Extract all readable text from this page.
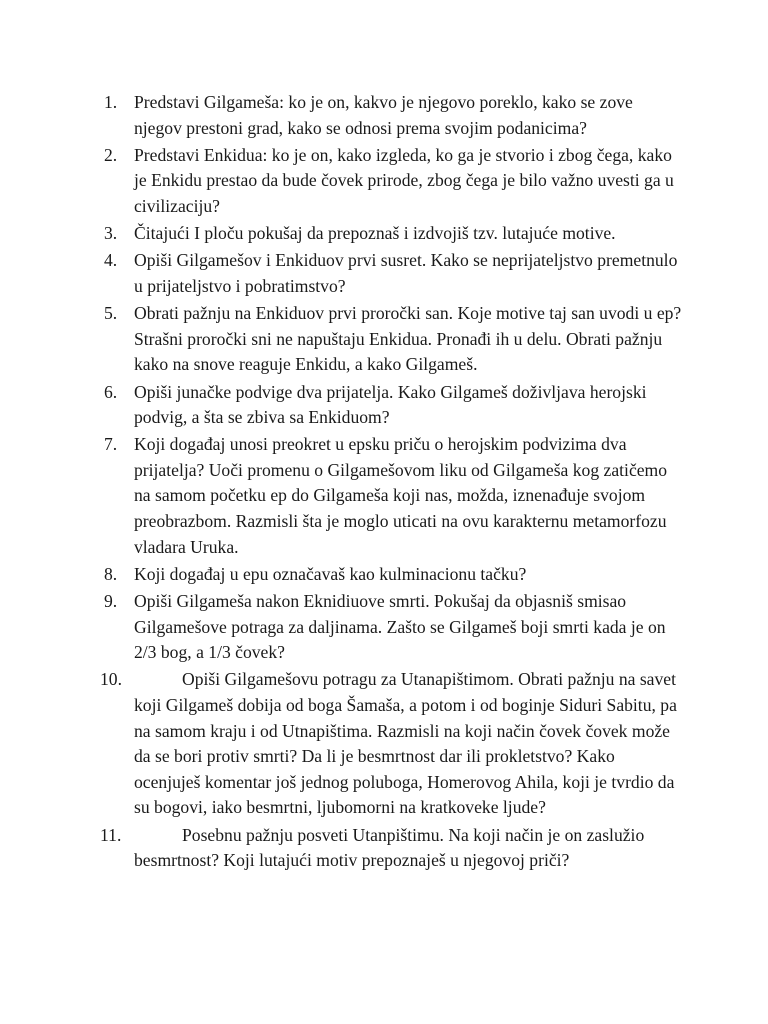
1. Predstavi Gilgameša: ko je on, kakvo je njegovo poreklo, kako se zove njegov prestoni grad, kako se odnosi prema svojim podanicima?
2. Predstavi Enkidua: ko je on, kako izgleda, ko ga je stvorio i zbog čega, kako je Enkidu prestao da bude čovek prirode, zbog čega je bilo važno uvesti ga u civilizaciju?
3. Čitajući I ploču pokušaj da prepoznaš i izdvojiš tzv. lutajuće motive.
4. Opiši Gilgamešov i Enkiduov prvi susret. Kako se neprijateljstvo premetnulo u prijateljstvo i pobratimstvo?
5. Obrati pažnju na Enkiduov prvi proročki san. Koje motive taj san uvodi u ep? Strašni proročki sni ne napuštaju Enkidua. Pronađi ih u delu. Obrati pažnju kako na snove reaguje Enkidu, a kako Gilgameš.
6. Opiši junačke podvige dva prijatelja. Kako Gilgameš doživljava herojski podvig, a šta se zbiva sa Enkiduom?
7. Koji događaj unosi preokret u epsku priču o herojskim podvizima dva prijatelja? Uoči promenu o Gilgamešovom liku od Gilgameša kog zatičemo na samom početku ep do Gilgameša koji nas, možda, iznenađuje svojom preobrazbom. Razmisli šta je moglo uticati na ovu karakternu metamorfozu vladara Uruka.
8. Koji događaj u epu označavaš kao kulminacionu tačku?
9. Opiši Gilgameša nakon Eknidiuove smrti. Pokušaj da objasniš smisao Gilgamešove potraga za daljinama. Zašto se Gilgameš boji smrti kada je on 2/3 bog, a 1/3 čovek?
10.	Opiši Gilgamešovu potragu za Utanapištimom. Obrati pažnju na savet koji Gilgameš dobija od boga Šamaša, a potom i od boginje Siduri Sabitu, pa na samom kraju i od Utnapištima. Razmisli na koji način čovek čovek može da se bori protiv smrti? Da li je besmrtnost dar ili prokletstvo? Kako ocenjuješ komentar još jednog poluboga, Homerovog Ahila, koji je tvrdio da su bogovi, iako besmrtni, ljubomorni na kratkoveke ljude?
11.	Posebnu pažnju posveti Utanpištimu. Na koji način je on zaslužio besmrtnost? Koji lutajući motiv prepoznaješ u njegovoj priči?
